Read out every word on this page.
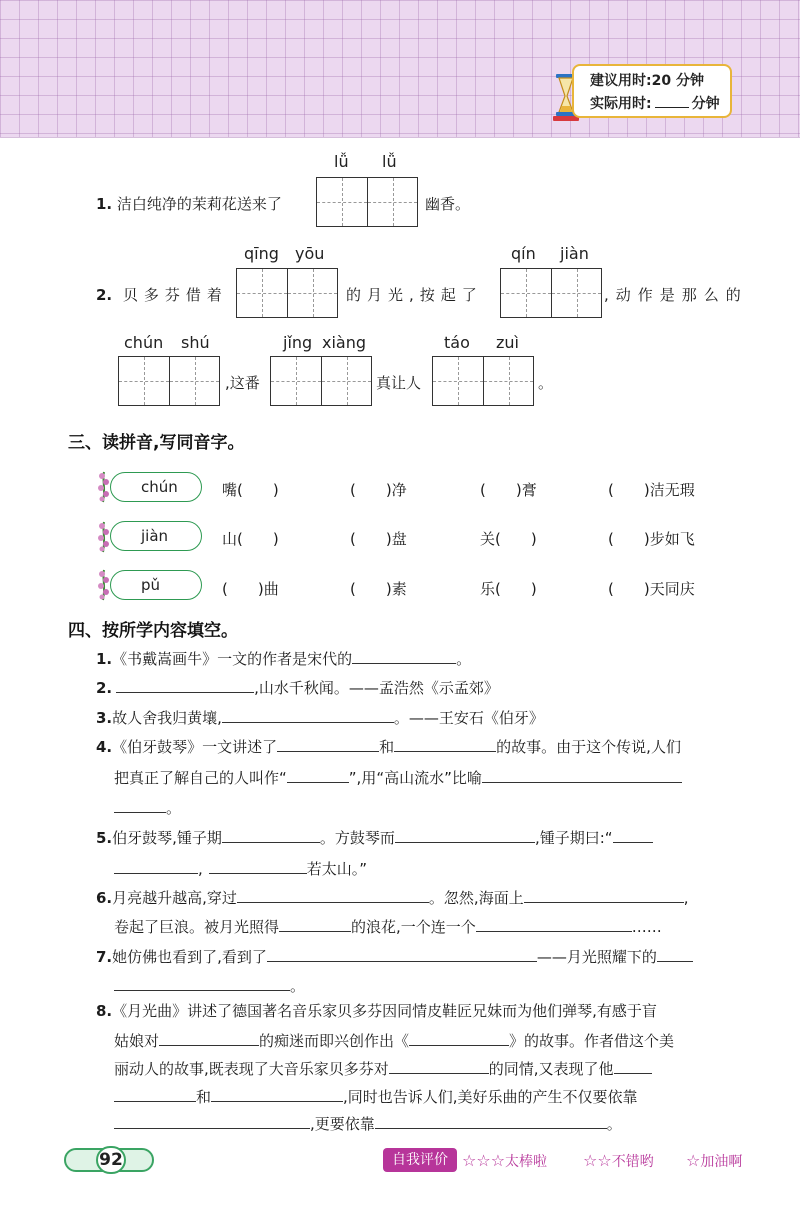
建议用时:20 分钟
实际用时:	分钟
lǚ lǚ
1. 洁白纯净的茉莉花送来了	幽香。
qīng yōu	qín jiàn
2. 贝多芬借着	的月光,按起了	,动作是那么的
chún shú	jǐng xiàng	táo zuì
,这番	真让人	。
三、读拼音,写同音字。
chún	嘴(　　)	(　　)净	(　　)膏	(　　)洁无瑕
jiàn	山(　　)	(　　)盘	关(　　)	(　　)步如飞
pǔ	(　　)曲	(　　)素	乐(　　)	(　　)天同庆
四、按所学内容填空。
1.《书戴嵩画牛》一文的作者是宋代的	。
2.	,山水千秋闻。——孟浩然《示孟郊》
3.故人舍我归黄壤,	。——王安石《伯牙》
4.《伯牙鼓琴》一文讲述了	和	的故事。由于这个传说,人们
把真正了解自己的人叫作“	”,用“高山流水”比喻
。
5.伯牙鼓琴,锺子期	。方鼓琴而	,锺子期曰:“
,	若太山。”
6.月亮越升越高,穿过	。忽然,海面上	,
卷起了巨浪。被月光照得	的浪花,一个连一个	……
7.她仿佛也看到了,看到了	——月光照耀下的
。
8.《月光曲》讲述了德国著名音乐家贝多芬因同情皮鞋匠兄妹而为他们弹琴,有感于盲
姑娘对	的痴迷而即兴创作出《	》的故事。作者借这个美
丽动人的故事,既表现了大音乐家贝多芬对	的同情,又表现了他
和	,同时也告诉人们,美好乐曲的产生不仅要依靠
92	自我评价 ☆☆☆太棒啦 ☆☆不错哟 ☆加油啊
,更要依靠	。
